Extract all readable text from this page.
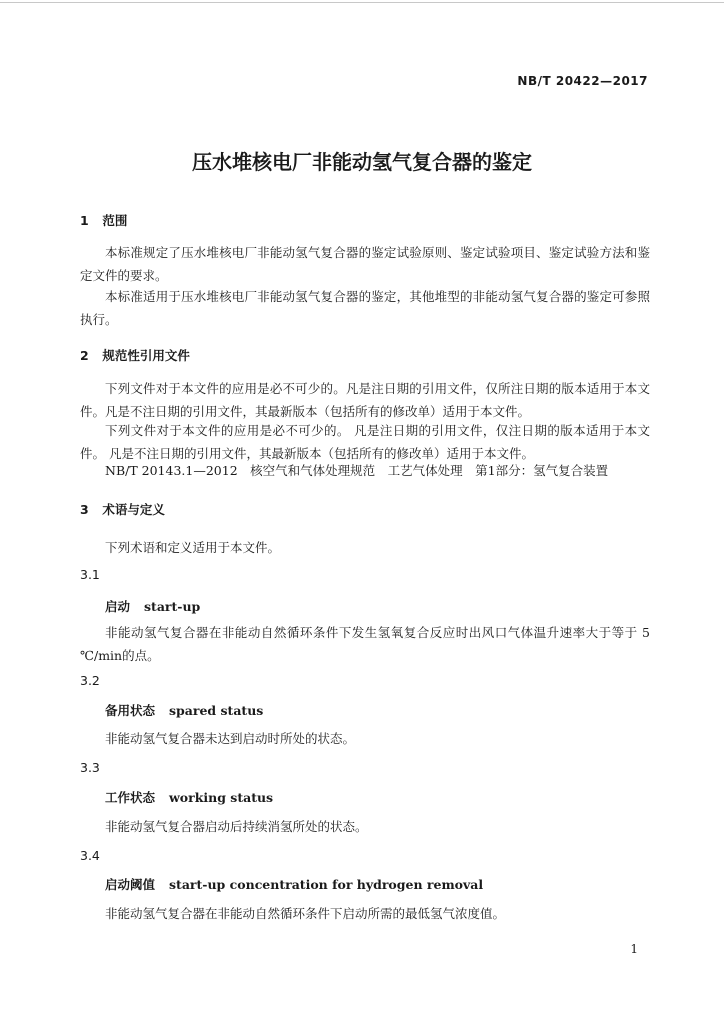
NB/T 20422—2017
压水堆核电厂非能动氢气复合器的鉴定
1 范围
本标准规定了压水堆核电厂非能动氢气复合器的鉴定试验原则、鉴定试验项目、鉴定试验方法和鉴定文件的要求。
本标准适用于压水堆核电厂非能动氢气复合器的鉴定，其他堆型的非能动氢气复合器的鉴定可参照执行。
2 规范性引用文件
下列文件对于本文件的应用是必不可少的。凡是注日期的引用文件，仅所注日期的版本适用于本文件。凡是不注日期的引用文件，其最新版本（包括所有的修改单）适用于本文件。
下列文件对于本文件的应用是必不可少的。 凡是注日期的引用文件，仅注日期的版本适用于本文件。 凡是不注日期的引用文件，其最新版本（包括所有的修改单）适用于本文件。
NB/T 20143.1—2012　核空气和气体处理规范　工艺气体处理　第1部分：氢气复合装置
3 术语与定义
下列术语和定义适用于本文件。
3.1
启动 start-up
非能动氢气复合器在非能动自然循环条件下发生氢氧复合反应时出风口气体温升速率大于等于 5 ℃/min的点。
3.2
备用状态 spared status
非能动氢气复合器未达到启动时所处的状态。
3.3
工作状态 working status
非能动氢气复合器启动后持续消氢所处的状态。
3.4
启动阈值 start-up concentration for hydrogen removal
非能动氢气复合器在非能动自然循环条件下启动所需的最低氢气浓度值。
1
